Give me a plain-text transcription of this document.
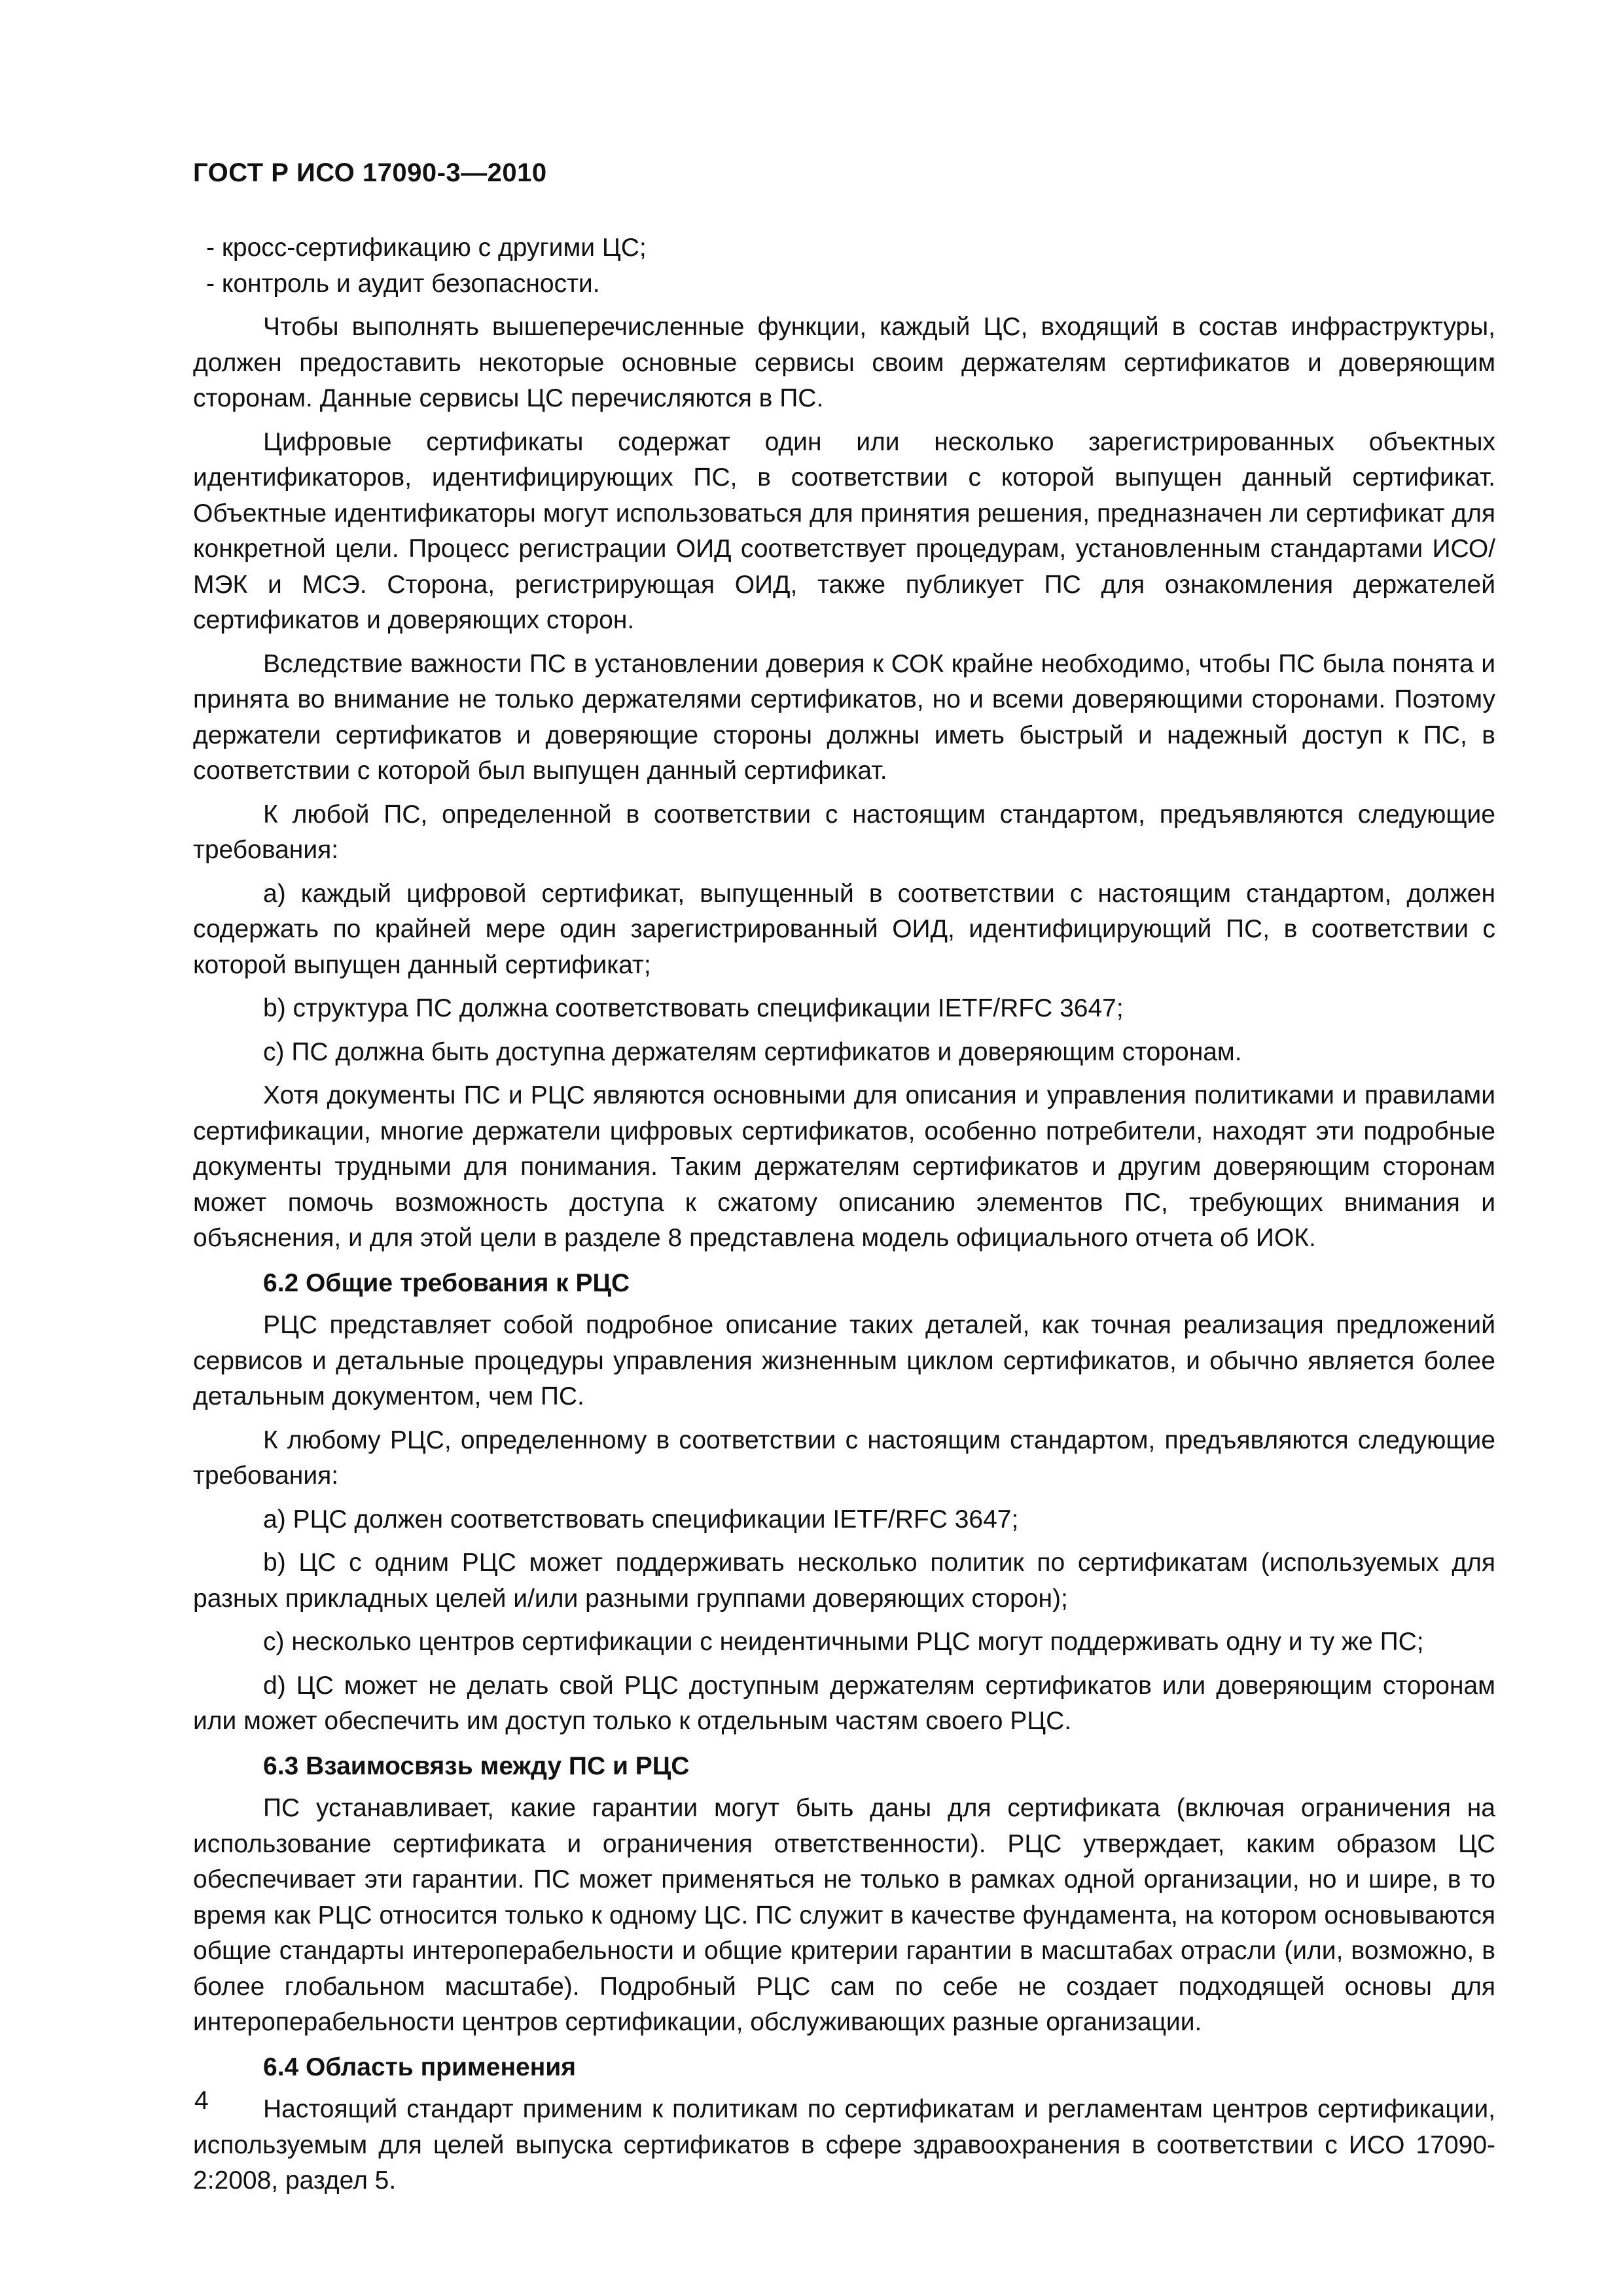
ГОСТ Р ИСО 17090-3—2010

- кросс-сертификацию с другими ЦС;

- контроль и аудит безопасности.

Чтобы выполнять вышеперечисленные функции, каждый ЦС, входящий в состав инфраструктуры, должен предоставить некоторые основные сервисы своим держателям сертификатов и доверяющим сторонам. Данные сервисы ЦС перечисляются в ПС.

Цифровые сертификаты содержат один или несколько зарегистрированных объектных идентификаторов, идентифицирующих ПС, в соответствии с которой выпущен данный сертификат. Объектные идентификаторы могут использоваться для принятия решения, предназначен ли сертификат для конкретной цели. Процесс регистрации ОИД соответствует процедурам, установленным стандартами ИСО/МЭК и МСЭ. Сторона, регистрирующая ОИД, также публикует ПС для ознакомления держателей сертификатов и доверяющих сторон.

Вследствие важности ПС в установлении доверия к СОК крайне необходимо, чтобы ПС была понята и принята во внимание не только держателями сертификатов, но и всеми доверяющими сторонами. Поэтому держатели сертификатов и доверяющие стороны должны иметь быстрый и надежный доступ к ПС, в соответствии с которой был выпущен данный сертификат.

К любой ПС, определенной в соответствии с настоящим стандартом, предъявляются следующие требования:

a) каждый цифровой сертификат, выпущенный в соответствии с настоящим стандартом, должен содержать по крайней мере один зарегистрированный ОИД, идентифицирующий ПС, в соответствии с которой выпущен данный сертификат;

b) структура ПС должна соответствовать спецификации IETF/RFC 3647;

c) ПС должна быть доступна держателям сертификатов и доверяющим сторонам.

Хотя документы ПС и РЦС являются основными для описания и управления политиками и правилами сертификации, многие держатели цифровых сертификатов, особенно потребители, находят эти подробные документы трудными для понимания. Таким держателям сертификатов и другим доверяющим сторонам может помочь возможность доступа к сжатому описанию элементов ПС, требующих внимания и объяснения, и для этой цели в разделе 8 представлена модель официального отчета об ИОК.

6.2 Общие требования к РЦС

РЦС представляет собой подробное описание таких деталей, как точная реализация предложений сервисов и детальные процедуры управления жизненным циклом сертификатов, и обычно является более детальным документом, чем ПС.

К любому РЦС, определенному в соответствии с настоящим стандартом, предъявляются следующие требования:

a) РЦС должен соответствовать спецификации IETF/RFC 3647;

b) ЦС с одним РЦС может поддерживать несколько политик по сертификатам (используемых для разных прикладных целей и/или разными группами доверяющих сторон);

c) несколько центров сертификации с неидентичными РЦС могут поддерживать одну и ту же ПС;

d) ЦС может не делать свой РЦС доступным держателям сертификатов или доверяющим сторонам или может обеспечить им доступ только к отдельным частям своего РЦС.

6.3 Взаимосвязь между ПС и РЦС

ПС устанавливает, какие гарантии могут быть даны для сертификата (включая ограничения на использование сертификата и ограничения ответственности). РЦС утверждает, каким образом ЦС обеспечивает эти гарантии. ПС может применяться не только в рамках одной организации, но и шире, в то время как РЦС относится только к одному ЦС. ПС служит в качестве фундамента, на котором основываются общие стандарты интероперабельности и общие критерии гарантии в масштабах отрасли (или, возможно, в более глобальном масштабе). Подробный РЦС сам по себе не создает подходящей основы для интероперабельности центров сертификации, обслуживающих разные организации.

6.4 Область применения

Настоящий стандарт применим к политикам по сертификатам и регламентам центров сертификации, используемым для целей выпуска сертификатов в сфере здравоохранения в соответствии с ИСО 17090-2:2008, раздел 5.

4
